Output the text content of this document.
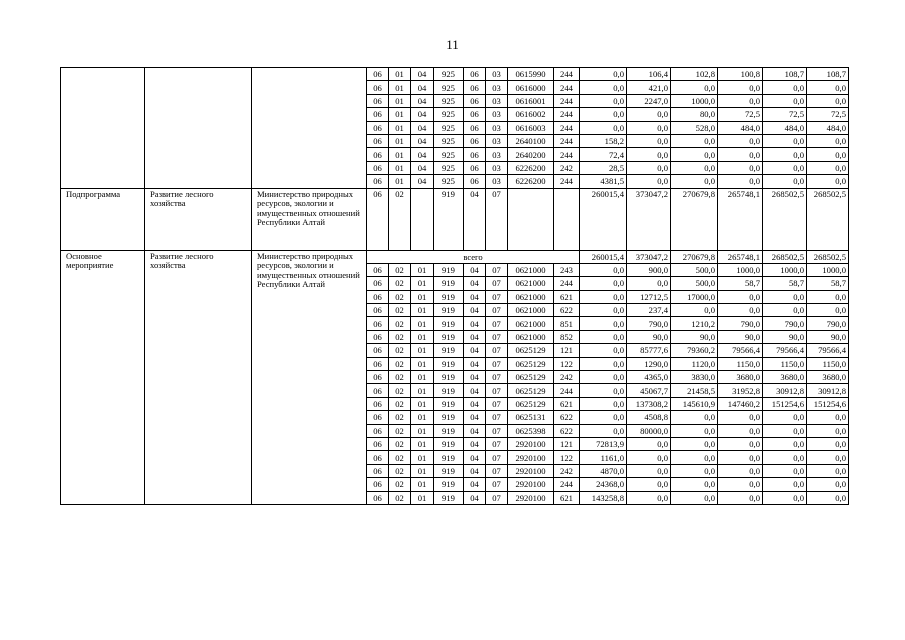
11
			06	01	04	925	06	03	0615990	244	0,0	106,4	102,8	100,8	108,7	108,7
			06	01	04	925	06	03	0616000	244	0,0	421,0	0,0	0,0	0,0	0,0
			06	01	04	925	06	03	0616001	244	0,0	2247,0	1000,0	0,0	0,0	0,0
			06	01	04	925	06	03	0616002	244	0,0	0,0	80,0	72,5	72,5	72,5
			06	01	04	925	06	03	0616003	244	0,0	0,0	528,0	484,0	484,0	484,0
			06	01	04	925	06	03	2640100	244	158,2	0,0	0,0	0,0	0,0	0,0
			06	01	04	925	06	03	2640200	244	72,4	0,0	0,0	0,0	0,0	0,0
			06	01	04	925	06	03	6226200	242	28,5	0,0	0,0	0,0	0,0	0,0
			06	01	04	925	06	03	6226200	244	4381,5	0,0	0,0	0,0	0,0	0,0
Подпрограмма	Развитие лесного хозяйства	Министерство природных ресурсов, экологии и имущественных отношений Республики Алтай	06	02		919	04	07			260015,4	373047,2	270679,8	265748,1	268502,5	268502,5
Основное мероприятие	Развитие лесного хозяйства	Министерство природных ресурсов, экологии и имущественных отношений Республики Алтай	всего								260015,4	373047,2	270679,8	265748,1	268502,5	268502,5
			06	02	01	919	04	07	0621000	243	0,0	900,0	500,0	1000,0	1000,0	1000,0
			06	02	01	919	04	07	0621000	244	0,0	0,0	500,0	58,7	58,7	58,7
			06	02	01	919	04	07	0621000	621	0,0	12712,5	17000,0	0,0	0,0	0,0
			06	02	01	919	04	07	0621000	622	0,0	237,4	0,0	0,0	0,0	0,0
			06	02	01	919	04	07	0621000	851	0,0	790,0	1210,2	790,0	790,0	790,0
			06	02	01	919	04	07	0621000	852	0,0	90,0	90,0	90,0	90,0	90,0
			06	02	01	919	04	07	0625129	121	0,0	85777,6	79360,2	79566,4	79566,4	79566,4
			06	02	01	919	04	07	0625129	122	0,0	1290,0	1120,0	1150,0	1150,0	1150,0
			06	02	01	919	04	07	0625129	242	0,0	4365,0	3830,0	3680,0	3680,0	3680,0
			06	02	01	919	04	07	0625129	244	0,0	45067,7	21458,5	31952,8	30912,8	30912,8
			06	02	01	919	04	07	0625129	621	0,0	137308,2	145610,9	147460,2	151254,6	151254,6
			06	02	01	919	04	07	0625131	622	0,0	4508,8	0,0	0,0	0,0	0,0
			06	02	01	919	04	07	0625398	622	0,0	80000,0	0,0	0,0	0,0	0,0
			06	02	01	919	04	07	2920100	121	72813,9	0,0	0,0	0,0	0,0	0,0
			06	02	01	919	04	07	2920100	122	1161,0	0,0	0,0	0,0	0,0	0,0
			06	02	01	919	04	07	2920100	242	4870,0	0,0	0,0	0,0	0,0	0,0
			06	02	01	919	04	07	2920100	244	24368,0	0,0	0,0	0,0	0,0	0,0
			06	02	01	919	04	07	2920100	621	143258,8	0,0	0,0	0,0	0,0	0,0
